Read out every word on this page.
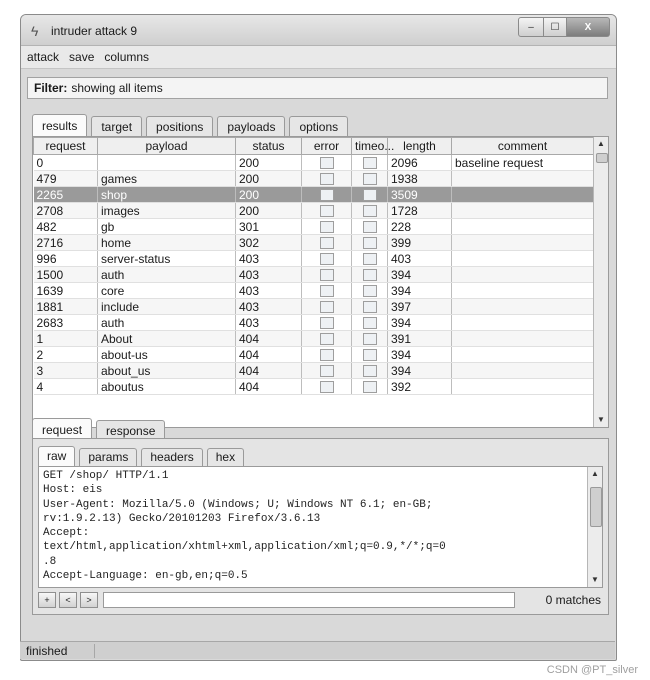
ϟ intruder attack 9	‒	☐	X
attack save columns
Filter: showing all items
results	target	positions	payloads	options
request	payload	status	error	timeo...	length	comment
0		200			2096	baseline request
479	games	200			1938	
2265	shop	200			3509	
2708	images	200			1728	
482	gb	301			228	
2716	home	302			399	
996	server-status	403			403	
1500	auth	403			394	
1639	core	403			394	
1881	include	403			397	
2683	auth	403			394	
1	About	404			391	
2	about-us	404			394	
3	about_us	404			394	
4	aboutus	404			392	
▲
▼
request	response
raw	params	headers	hex
GET /shop/ HTTP/1.1
Host: eis
User-Agent: Mozilla/5.0 (Windows; U; Windows NT 6.1; en-GB;
rv:1.9.2.13) Gecko/20101203 Firefox/3.6.13
Accept:
text/html,application/xhtml+xml,application/xml;q=0.9,*/*;q=0
.8
Accept-Language: en-gb,en;q=0.5
▲
▼
+	<	>	0 matches
finished
CSDN @PT_silver
